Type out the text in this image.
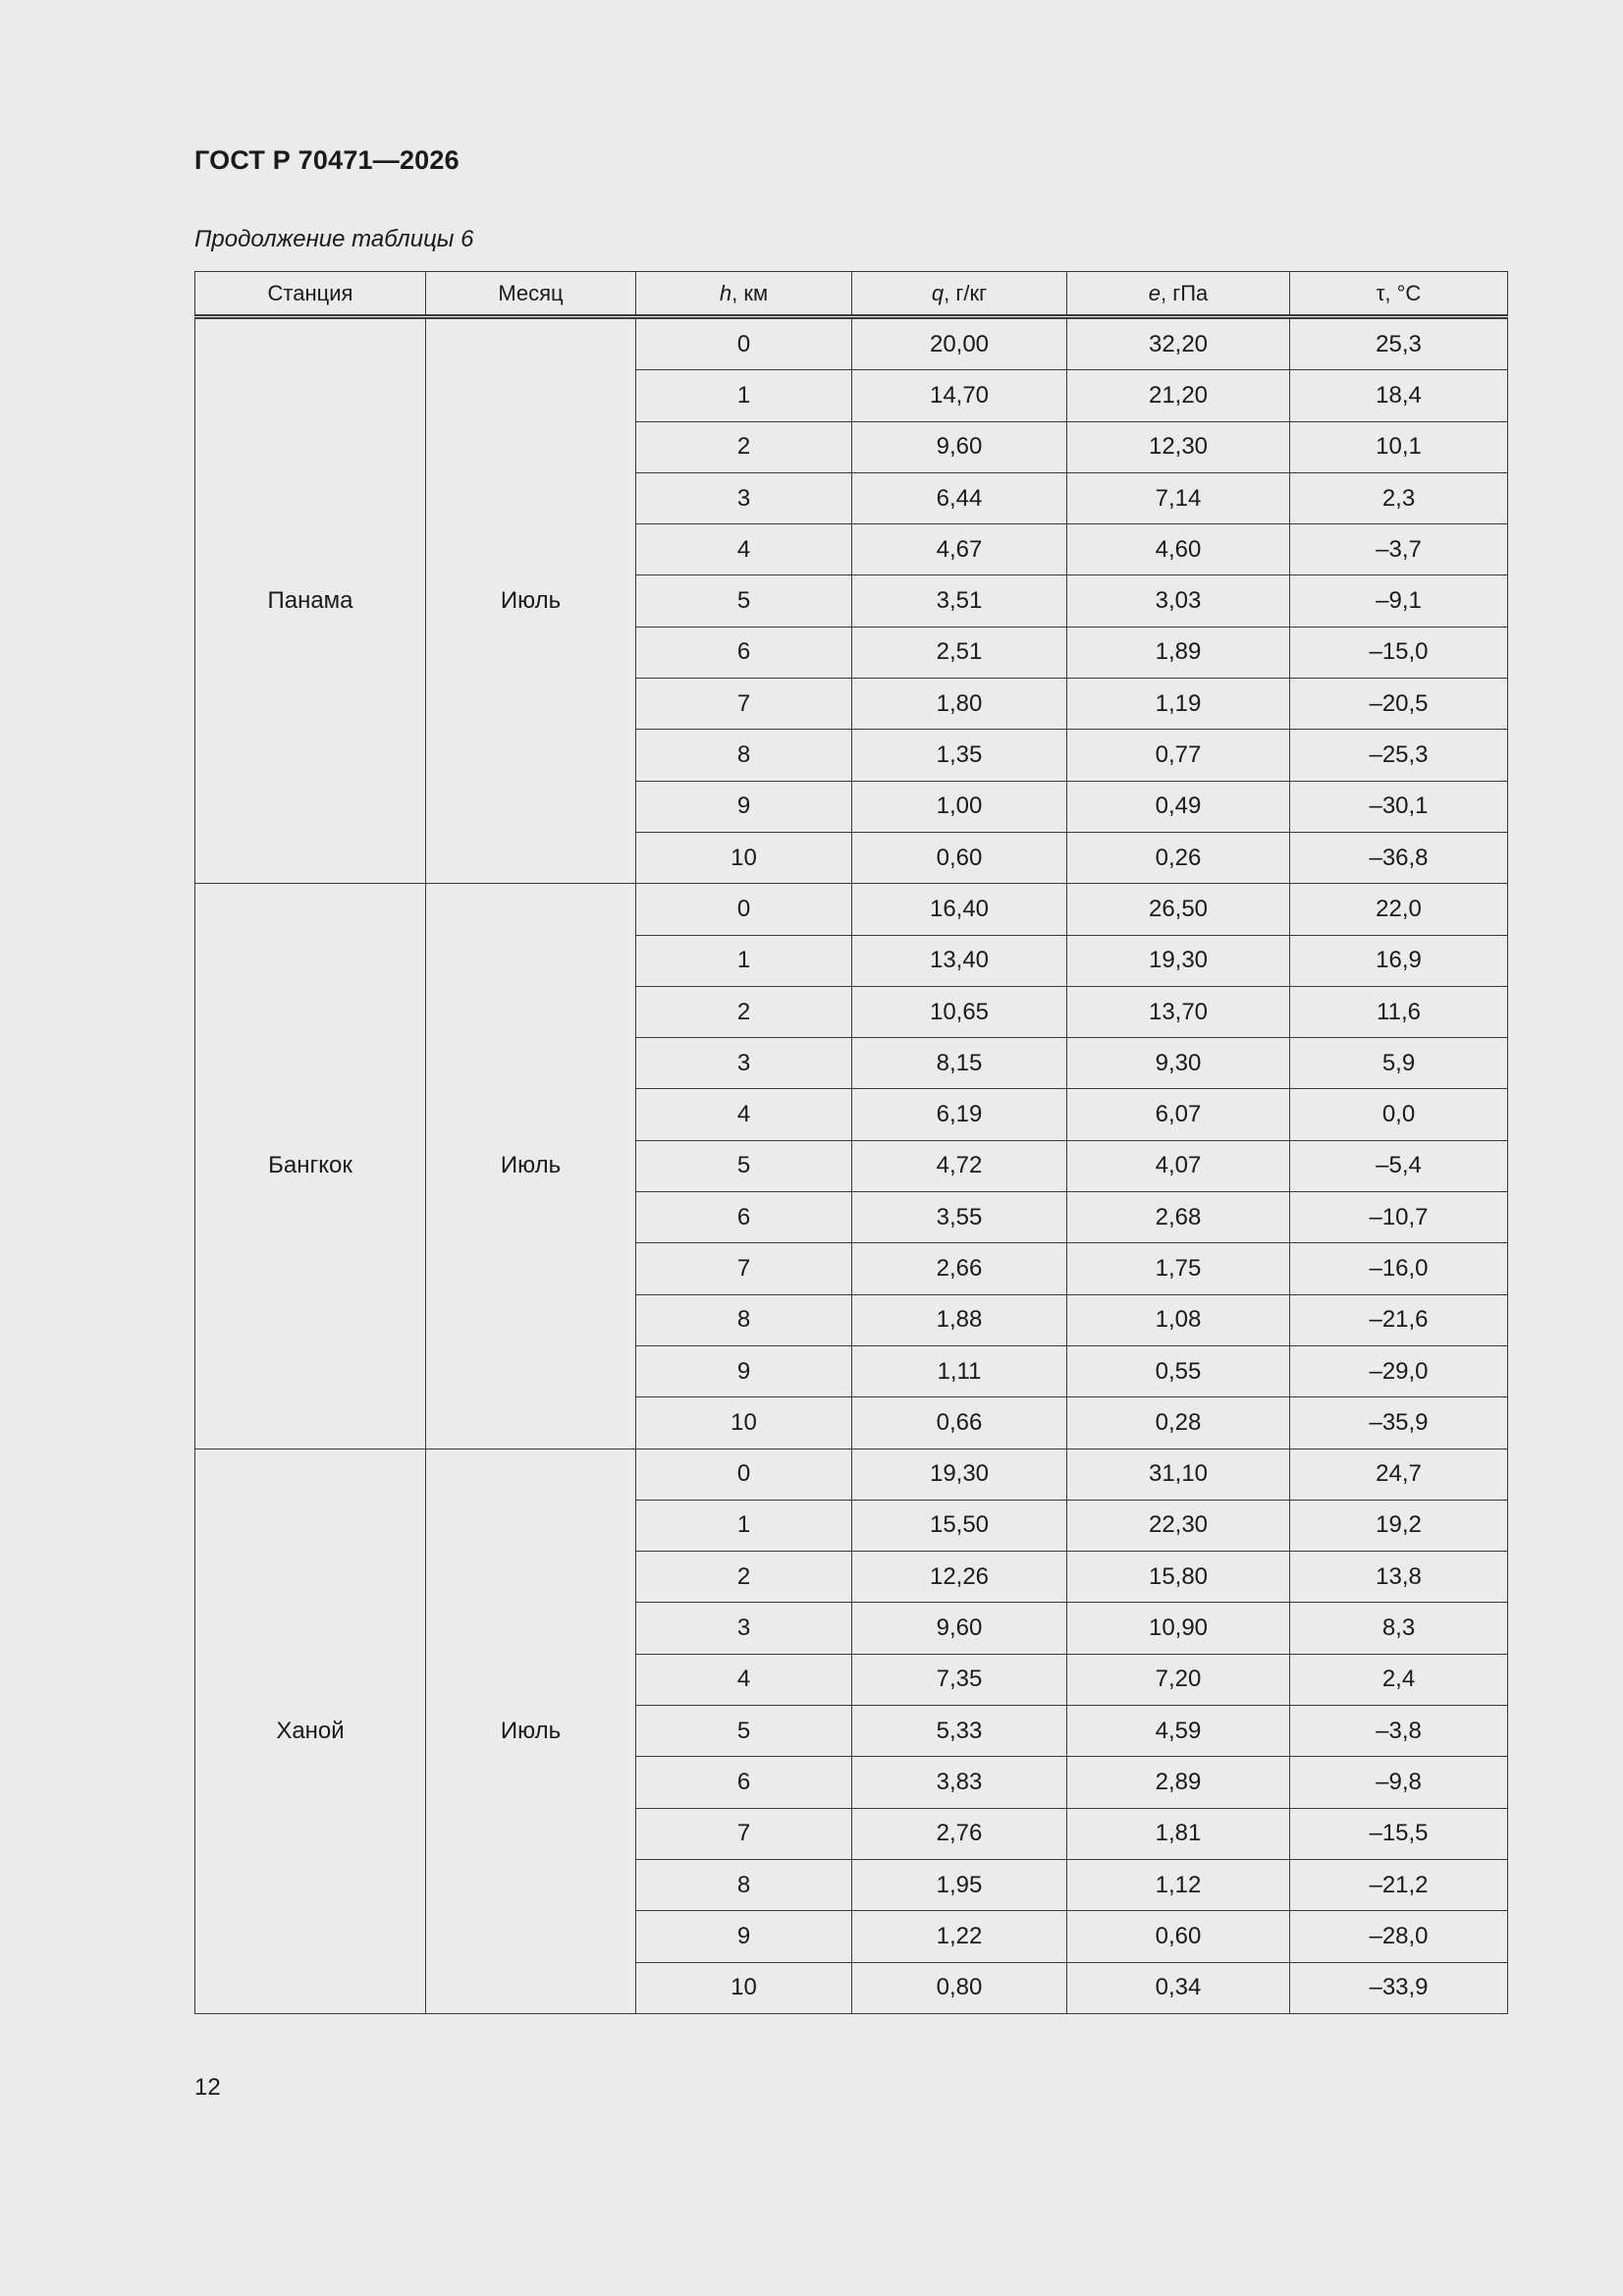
ГОСТ Р 70471—2026
Продолжение таблицы 6
Станция	Месяц	h, км	q, г/кг	e, гПа	τ, °C
Панама	Июль	0	20,00	32,20	25,3
		1	14,70	21,20	18,4
		2	9,60	12,30	10,1
		3	6,44	7,14	2,3
		4	4,67	4,60	–3,7
		5	3,51	3,03	–9,1
		6	2,51	1,89	–15,0
		7	1,80	1,19	–20,5
		8	1,35	0,77	–25,3
		9	1,00	0,49	–30,1
		10	0,60	0,26	–36,8
Бангкок	Июль	0	16,40	26,50	22,0
		1	13,40	19,30	16,9
		2	10,65	13,70	11,6
		3	8,15	9,30	5,9
		4	6,19	6,07	0,0
		5	4,72	4,07	–5,4
		6	3,55	2,68	–10,7
		7	2,66	1,75	–16,0
		8	1,88	1,08	–21,6
		9	1,11	0,55	–29,0
		10	0,66	0,28	–35,9
Ханой	Июль	0	19,30	31,10	24,7
		1	15,50	22,30	19,2
		2	12,26	15,80	13,8
		3	9,60	10,90	8,3
		4	7,35	7,20	2,4
		5	5,33	4,59	–3,8
		6	3,83	2,89	–9,8
		7	2,76	1,81	–15,5
		8	1,95	1,12	–21,2
		9	1,22	0,60	–28,0
		10	0,80	0,34	–33,9
12
